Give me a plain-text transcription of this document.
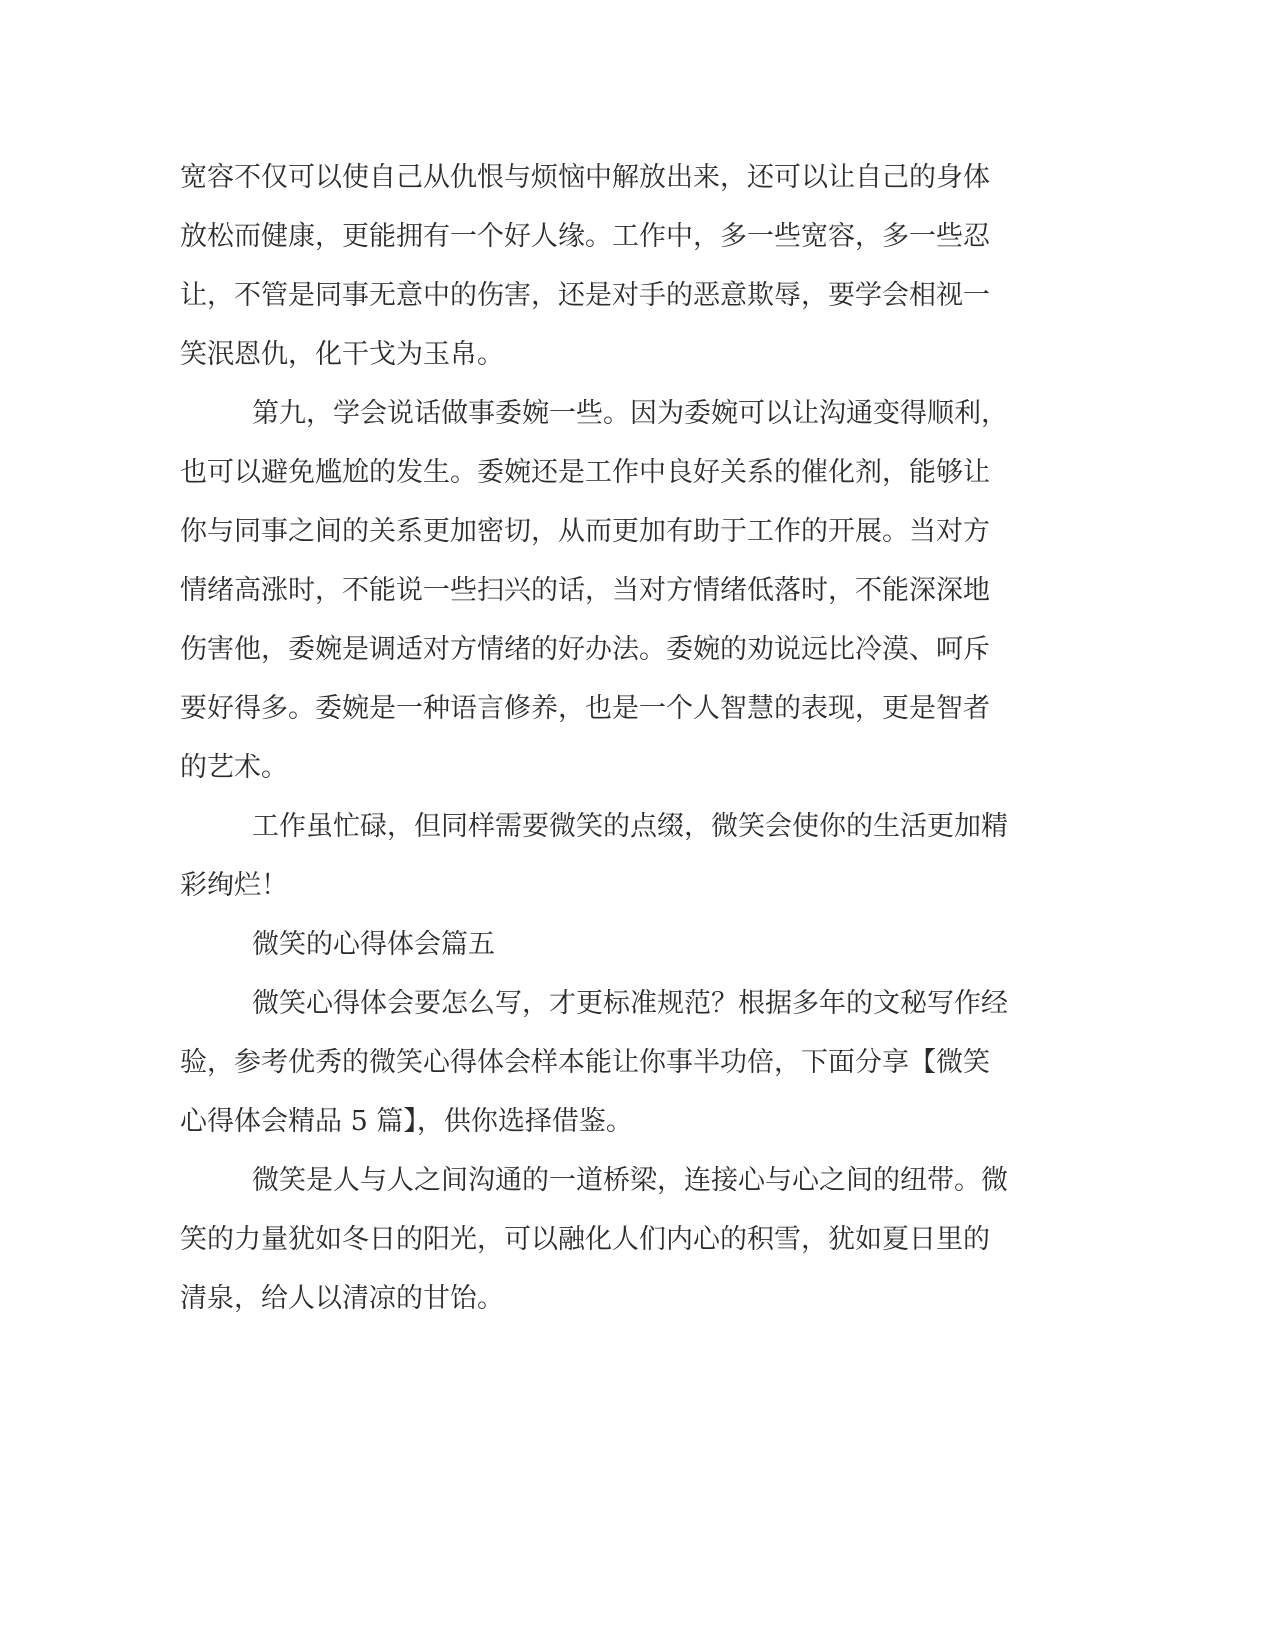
宽容不仅可以使自己从仇恨与烦恼中解放出来，还可以让自己的身体
放松而健康，更能拥有一个好人缘。工作中，多一些宽容，多一些忍
让，不管是同事无意中的伤害，还是对手的恶意欺辱，要学会相视一
笑泯恩仇，化干戈为玉帛。
第九，学会说话做事委婉一些。因为委婉可以让沟通变得顺利，
也可以避免尴尬的发生。委婉还是工作中良好关系的催化剂，能够让
你与同事之间的关系更加密切，从而更加有助于工作的开展。当对方
情绪高涨时，不能说一些扫兴的话，当对方情绪低落时，不能深深地
伤害他，委婉是调适对方情绪的好办法。委婉的劝说远比冷漠、呵斥
要好得多。委婉是一种语言修养，也是一个人智慧的表现，更是智者
的艺术。
工作虽忙碌，但同样需要微笑的点缀，微笑会使你的生活更加精
彩绚烂！
微笑的心得体会篇五
微笑心得体会要怎么写，才更标准规范？根据多年的文秘写作经
验，参考优秀的微笑心得体会样本能让你事半功倍，下面分享【微笑
心得体会精品 5 篇】，供你选择借鉴。
微笑是人与人之间沟通的一道桥梁，连接心与心之间的纽带。微
笑的力量犹如冬日的阳光，可以融化人们内心的积雪，犹如夏日里的
清泉，给人以清凉的甘饴。
